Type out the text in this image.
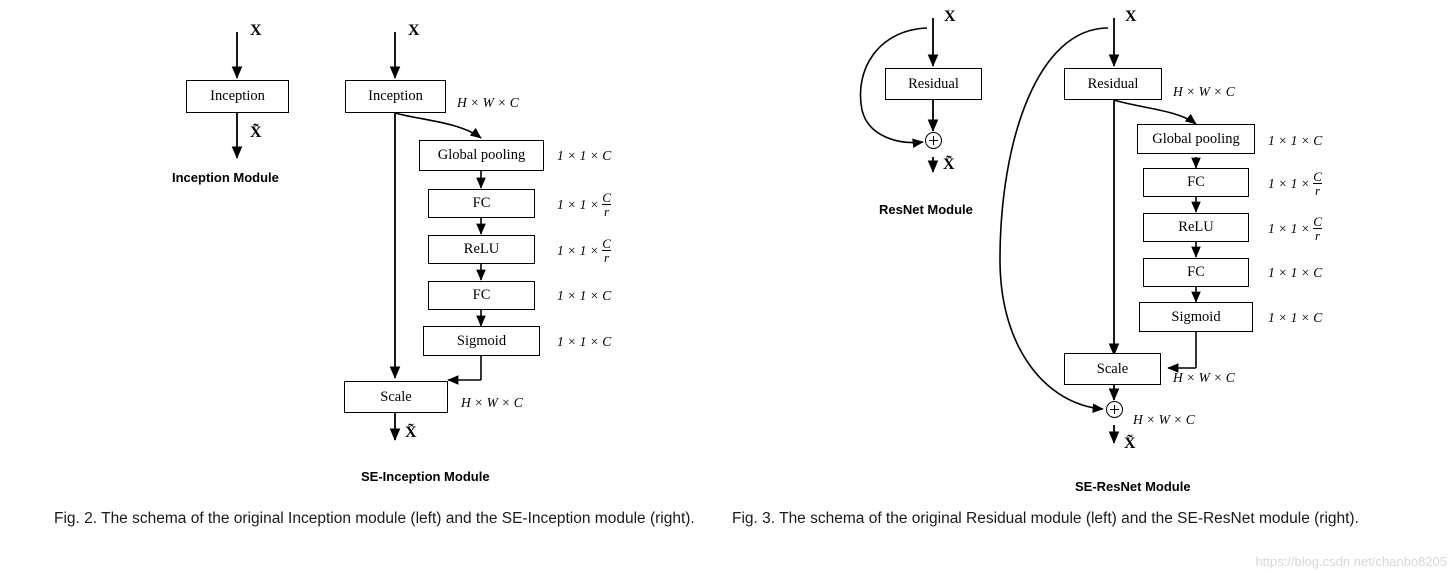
Inception
X
X̃
Inception Module
X
Inception	H × W × C
Global pooling	1 × 1 × C
FC	$1 \times 1 \times \frac{C}{r}$
ReLU	$1 \times 1 \times \frac{C}{r}$
FC	1 × 1 × C
Sigmoid	1 × 1 × C
Scale	H × W × C
X̃
SE-Inception Module
Fig. 2. The schema of the original Inception module (left) and the SE-Inception module (right).
X
Residual
X̃
ResNet Module
X
Residual	H × W × C
Global pooling	1 × 1 × C
FC	$1 \times 1 \times \frac{C}{r}$
ReLU	$1 \times 1 \times \frac{C}{r}$
FC	1 × 1 × C
Sigmoid	1 × 1 × C
Scale
H × W × C
H × W × C
X̃
SE-ResNet Module
Fig. 3. The schema of the original Residual module (left) and the SE-ResNet module (right).
https://blog.csdn.net/chanbo8205
